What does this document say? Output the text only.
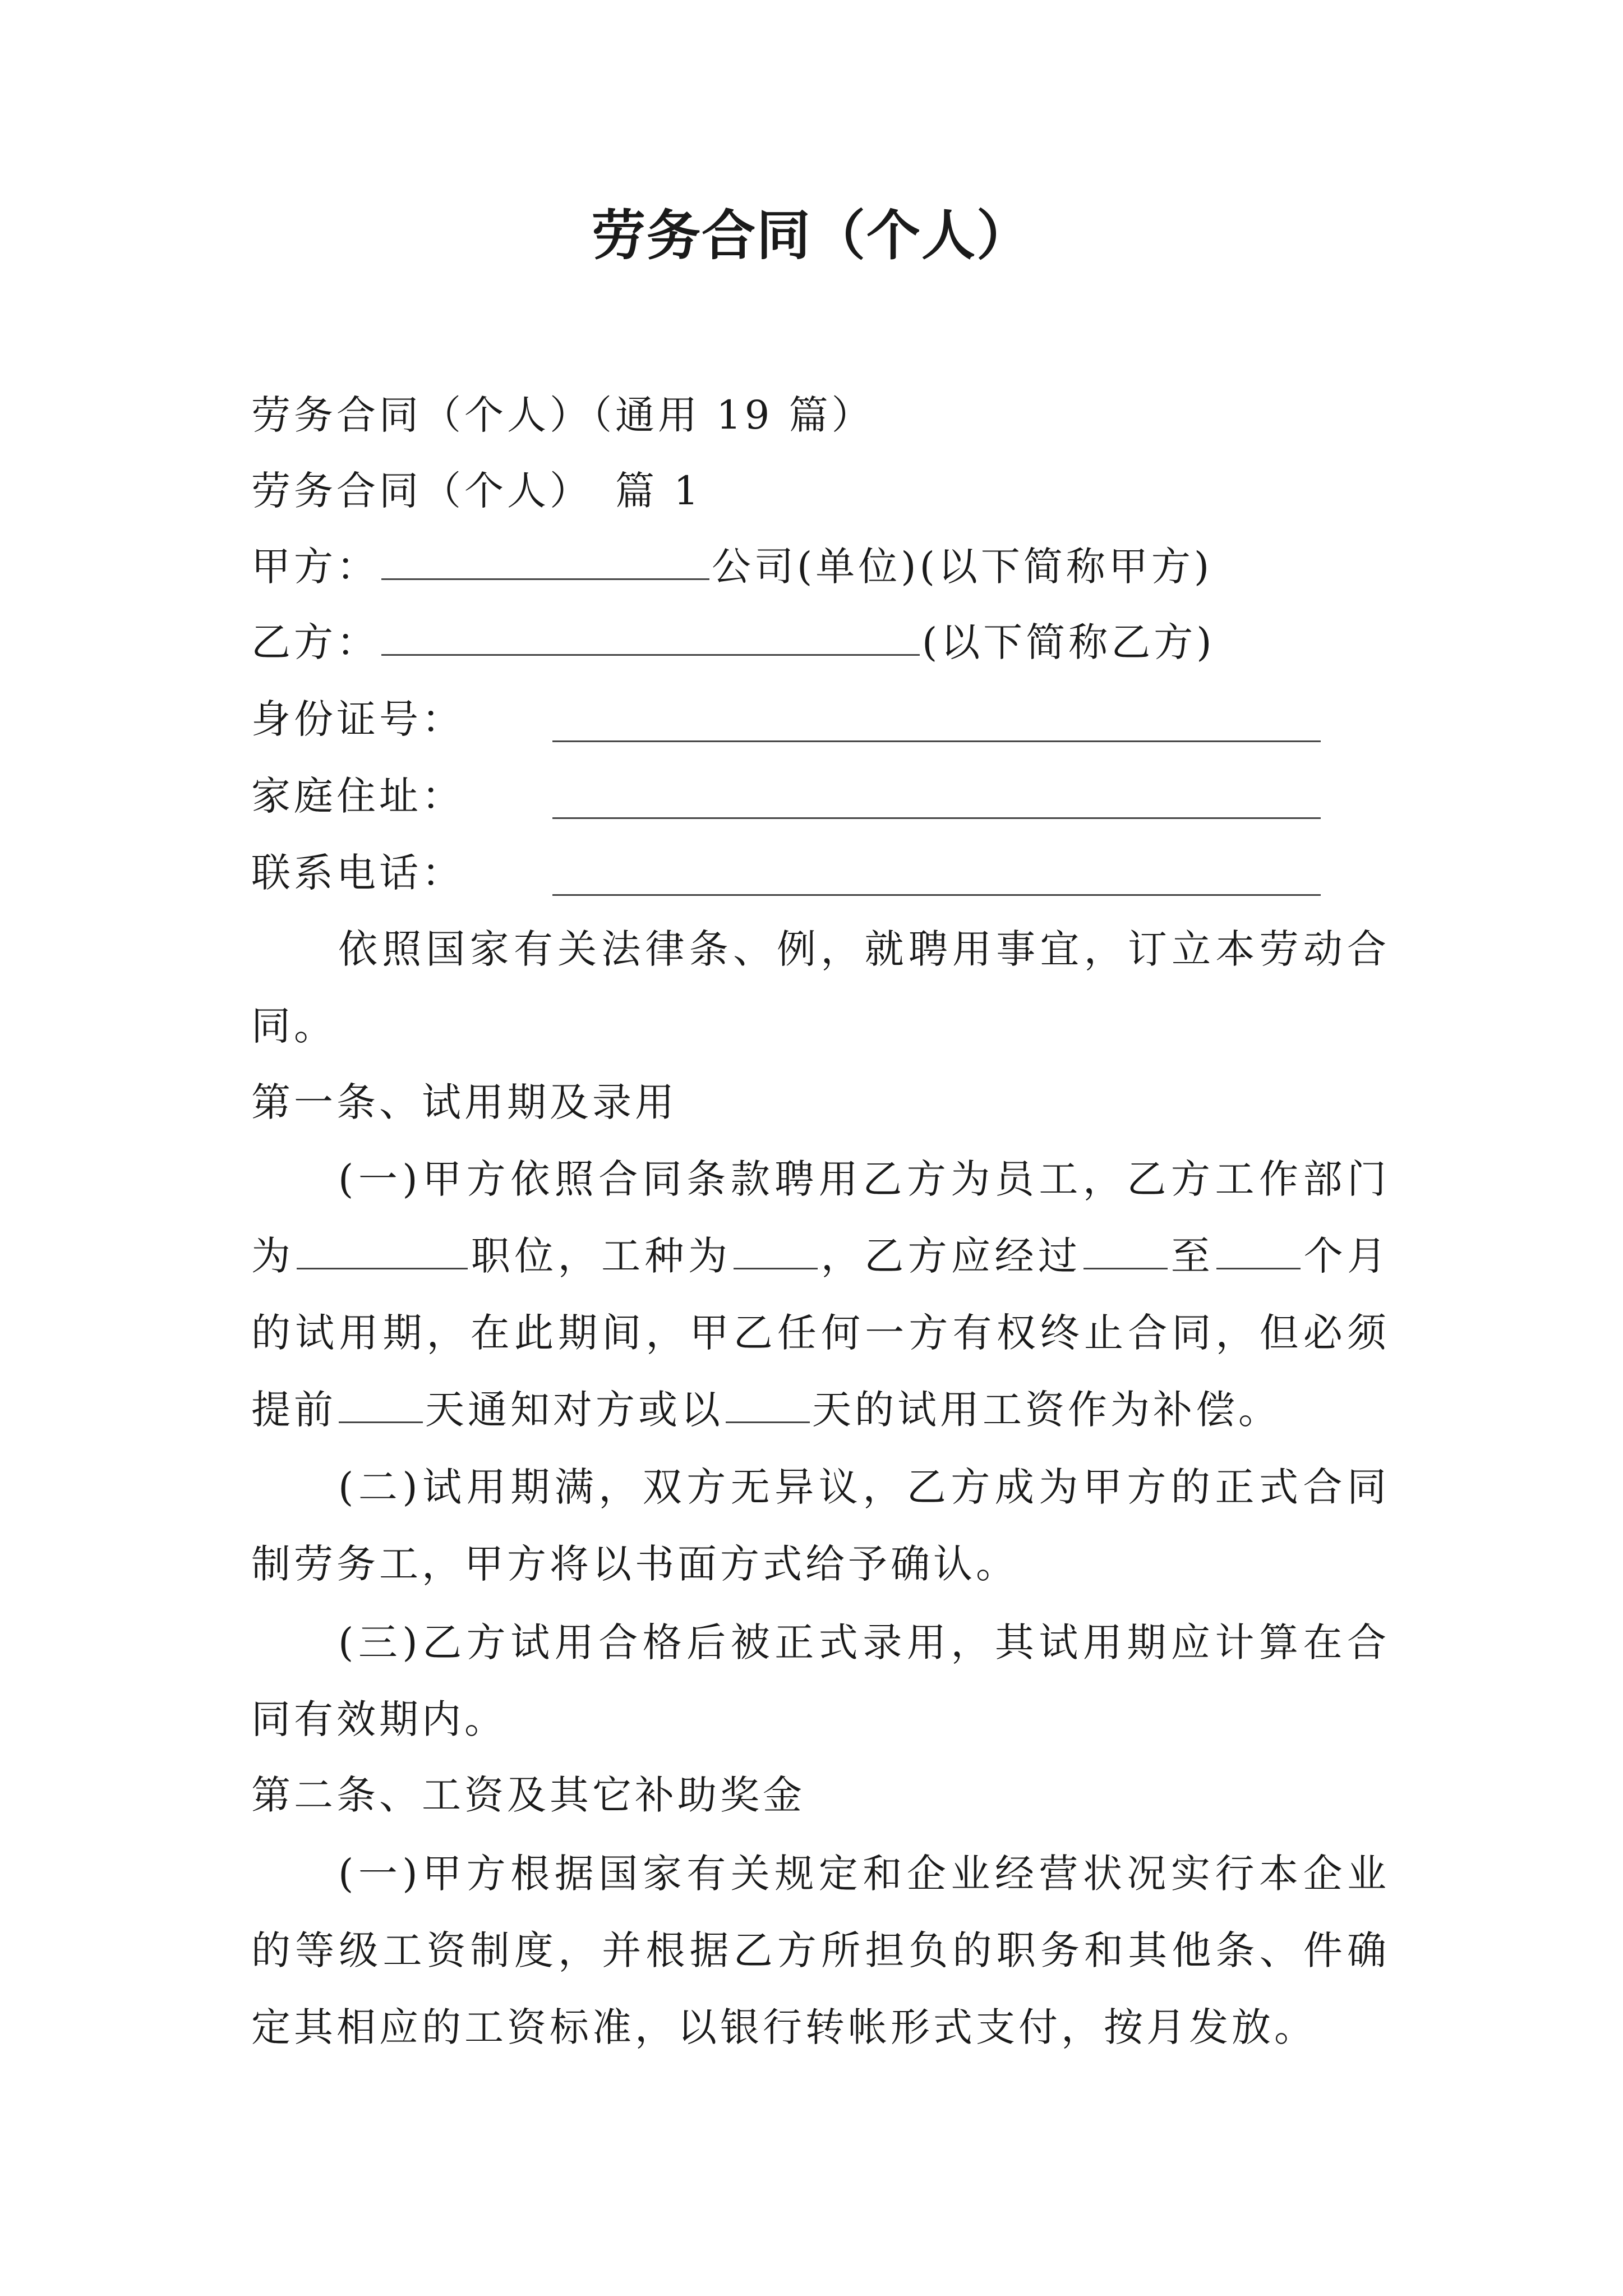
劳务合同（个人）
劳务合同（个人）（通用 19 篇）
劳务合同（个人）　篇 1
甲方：	公司(单位)(以下简称甲方)
乙方：	(以下简称乙方)
身份证号：
家庭住址：
联系电话：

依照国家有关法律条、例，就聘用事宜，订立本劳动合同。

第一条、试用期及录用

(一)甲方依照合同条款聘用乙方为员工，乙方工作部门为	职位，工种为 ，乙方应经过 至 个月的试用期，在此期间，甲乙任何一方有权终止合同，但必须提前 天通知对方或以 天的试用工资作为补偿。

(二)试用期满，双方无异议，乙方成为甲方的正式合同制劳务工，甲方将以书面方式给予确认。

(三)乙方试用合格后被正式录用，其试用期应计算在合同有效期内。

第二条、工资及其它补助奖金

(一)甲方根据国家有关规定和企业经营状况实行本企业的等级工资制度，并根据乙方所担负的职务和其他条、件确定其相应的工资标准，以银行转帐形式支付，按月发放。
